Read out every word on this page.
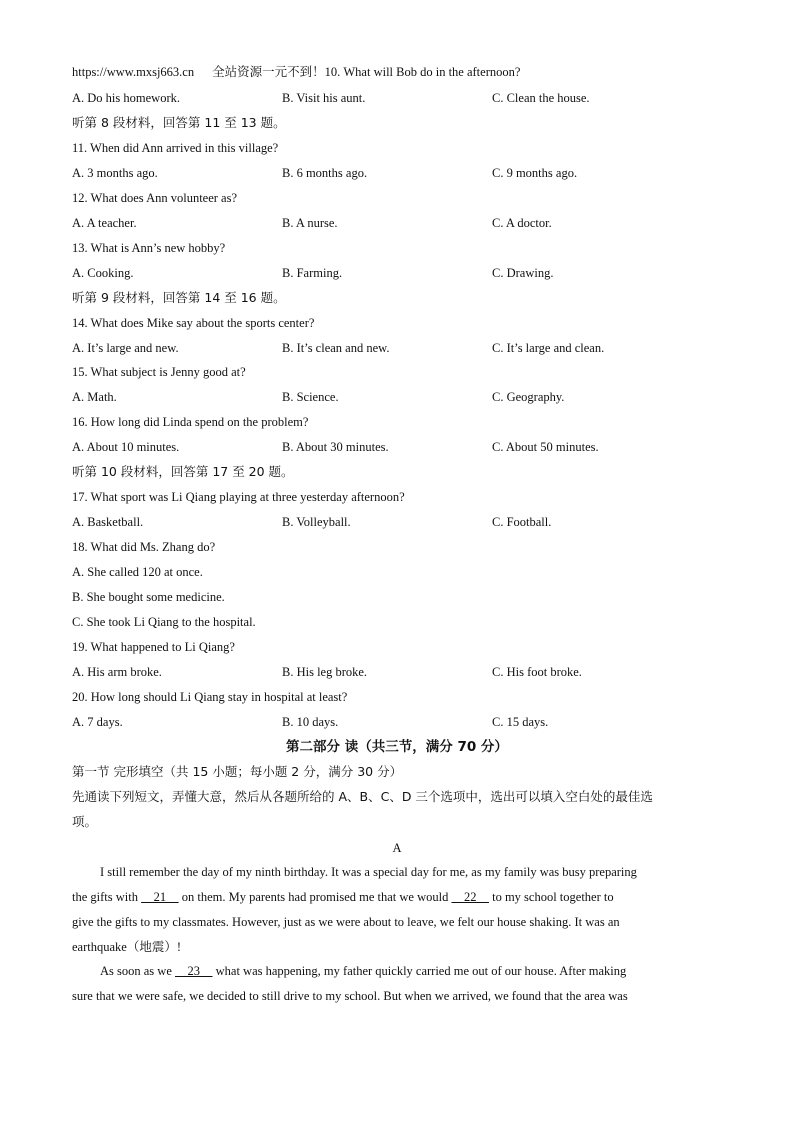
https://www.mxsj663.cn 全站资源一元不到！10. What will Bob do in the afternoon?
A. Do his homework.	B. Visit his aunt.	C. Clean the house.
听第 8 段材料，回答第 11 至 13 题。
11. When did Ann arrived in this village?
A. 3 months ago.	B. 6 months ago.	C. 9 months ago.
12. What does Ann volunteer as?
A. A teacher.	B. A nurse.	C. A doctor.
13. What is Ann’s new hobby?
A. Cooking.	B. Farming.	C. Drawing.
听第 9 段材料，回答第 14 至 16 题。
14. What does Mike say about the sports center?
A. It’s large and new.	B. It’s clean and new.	C. It’s large and clean.
15. What subject is Jenny good at?
A. Math.	B. Science.	C. Geography.
16. How long did Linda spend on the problem?
A. About 10 minutes.	B. About 30 minutes.	C. About 50 minutes.
听第 10 段材料，回答第 17 至 20 题。
17. What sport was Li Qiang playing at three yesterday afternoon?
A. Basketball.	B. Volleyball.	C. Football.
18. What did Ms. Zhang do?
A. She called 120 at once.
B. She bought some medicine.
C. She took Li Qiang to the hospital.
19. What happened to Li Qiang?
A. His arm broke.	B. His leg broke.	C. His foot broke.
20. How long should Li Qiang stay in hospital at least?
A. 7 days.	B. 10 days.	C. 15 days.
第二部分 读（共三节，满分 70 分）
第一节 完形填空（共 15 小题；每小题 2 分，满分 30 分）
先通读下列短文，弄懂大意，然后从各题所给的 A、B、C、D 三个选项中，选出可以填入空白处的最佳选
项。
A
I still remember the day of my ninth birthday. It was a special day for me, as my family was busy preparing
the gifts with     21     on them. My parents had promised me that we would     22     to my school together to
give the gifts to my classmates. However, just as we were about to leave, we felt our house shaking. It was an
earthquake（地震）!
As soon as we     23     what was happening, my father quickly carried me out of our house. After making
sure that we were safe, we decided to still drive to my school. But when we arrived, we found that the area was
